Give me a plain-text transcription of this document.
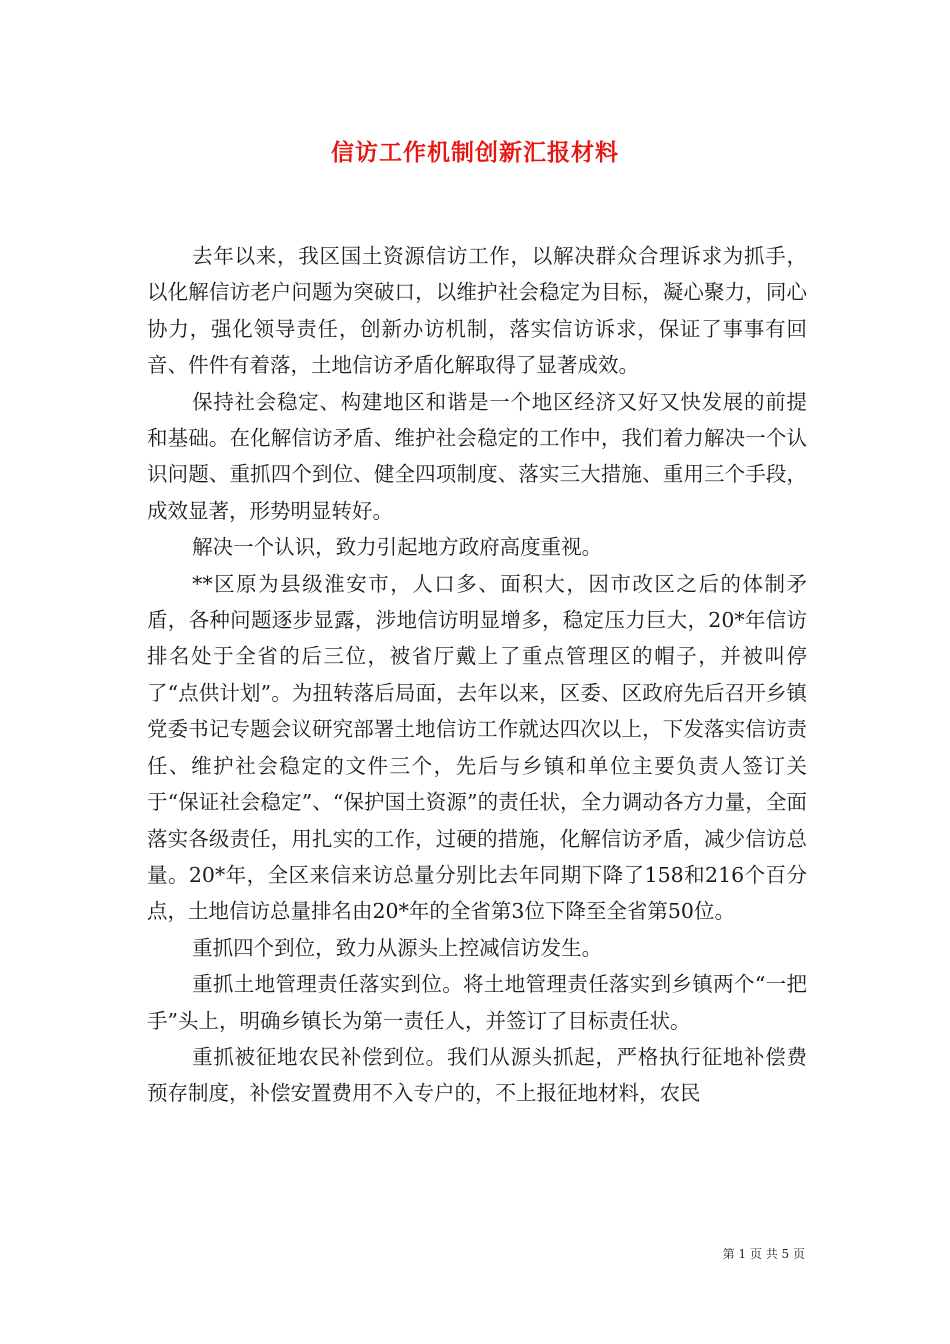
信访工作机制创新汇报材料

去年以来，我区国土资源信访工作，以解决群众合理诉求为抓手，以化解信访老户问题为突破口，以维护社会稳定为目标，凝心聚力，同心协力，强化领导责任，创新办访机制，落实信访诉求，保证了事事有回音、件件有着落，土地信访矛盾化解取得了显著成效。

保持社会稳定、构建地区和谐是一个地区经济又好又快发展的前提和基础。在化解信访矛盾、维护社会稳定的工作中，我们着力解决一个认识问题、重抓四个到位、健全四项制度、落实三大措施、重用三个手段，成效显著，形势明显转好。

解决一个认识，致力引起地方政府高度重视。

**区原为县级淮安市，人口多、面积大，因市改区之后的体制矛盾，各种问题逐步显露，涉地信访明显增多，稳定压力巨大，20*年信访排名处于全省的后三位，被省厅戴上了重点管理区的帽子，并被叫停了“点供计划”。为扭转落后局面，去年以来，区委、区政府先后召开乡镇党委书记专题会议研究部署土地信访工作就达四次以上，下发落实信访责任、维护社会稳定的文件三个，先后与乡镇和单位主要负责人签订关于“保证社会稳定”、“保护国土资源”的责任状，全力调动各方力量，全面落实各级责任，用扎实的工作，过硬的措施，化解信访矛盾，减少信访总量。20*年，全区来信来访总量分别比去年同期下降了158和216个百分点，土地信访总量排名由20*年的全省第3位下降至全省第50位。

重抓四个到位，致力从源头上控减信访发生。

重抓土地管理责任落实到位。将土地管理责任落实到乡镇两个“一把手”头上，明确乡镇长为第一责任人，并签订了目标责任状。

重抓被征地农民补偿到位。我们从源头抓起，严格执行征地补偿费预存制度，补偿安置费用不入专户的，不上报征地材料，农民

第 1 页 共 5 页
